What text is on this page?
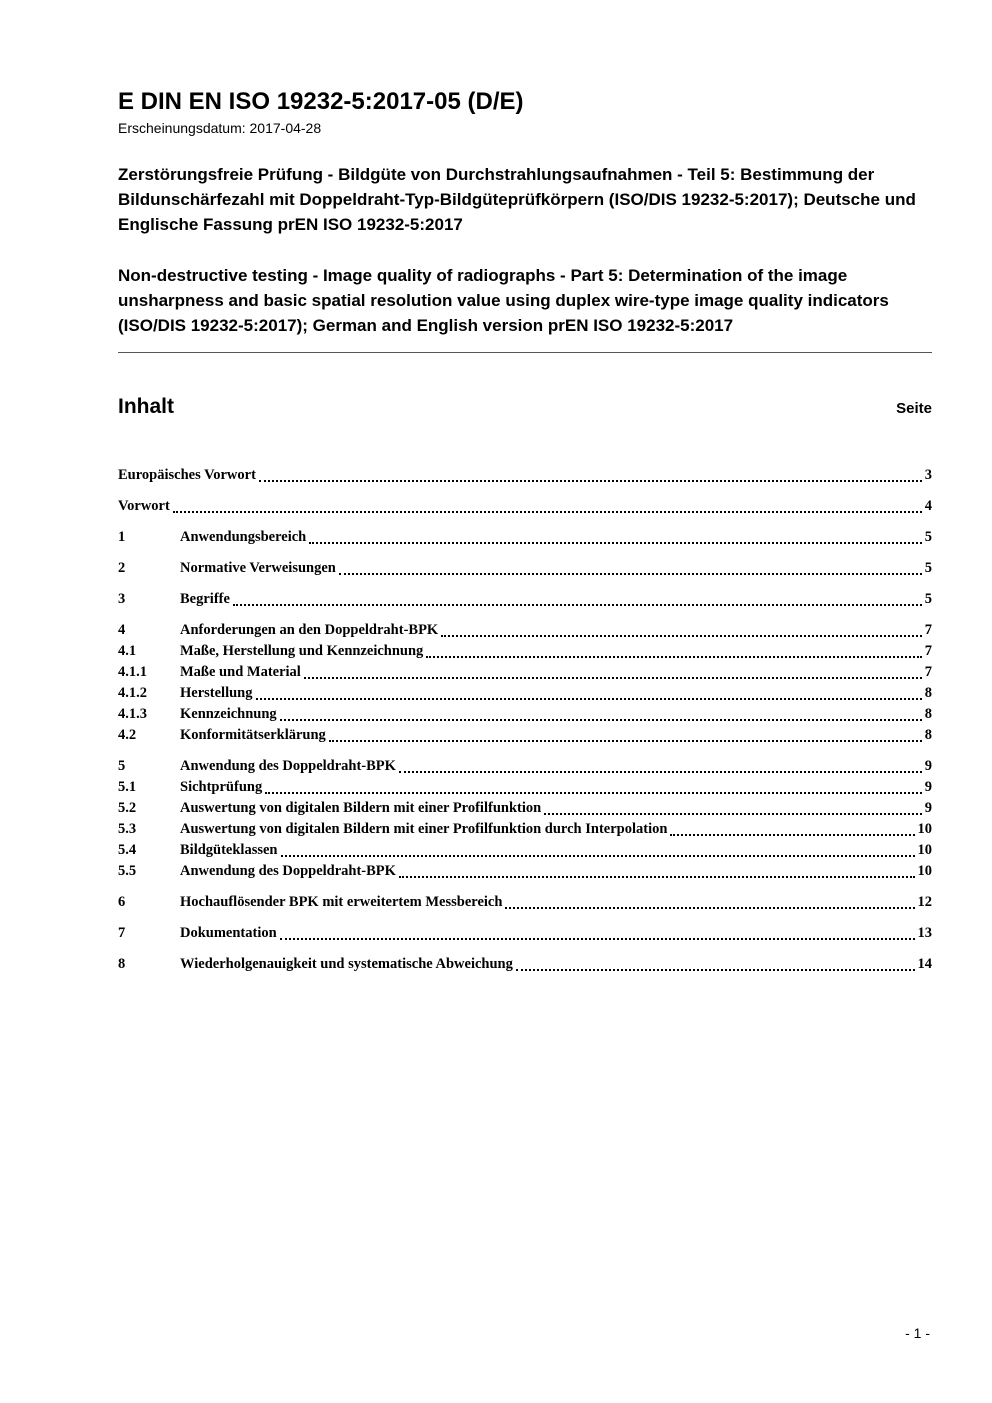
E DIN EN ISO 19232-5:2017-05 (D/E)
Erscheinungsdatum: 2017-04-28

Zerstörungsfreie Prüfung - Bildgüte von Durchstrahlungsaufnahmen - Teil 5: Bestimmung der Bildunschärfezahl mit Doppeldraht-Typ-Bildgüteprüfkörpern (ISO/DIS 19232-5:2017); Deutsche und Englische Fassung prEN ISO 19232-5:2017

Non-destructive testing - Image quality of radiographs - Part 5: Determination of the image unsharpness and basic spatial resolution value using duplex wire-type image quality indicators (ISO/DIS 19232-5:2017); German and English version prEN ISO 19232-5:2017

Inhalt	Seite
Europäisches Vorwort	3
Vorwort	4
1	Anwendungsbereich	5
2	Normative Verweisungen	5
3	Begriffe	5
4	Anforderungen an den Doppeldraht-BPK	7
4.1	Maße, Herstellung und Kennzeichnung	7
4.1.1	Maße und Material	7
4.1.2	Herstellung	8
4.1.3	Kennzeichnung	8
4.2	Konformitätserklärung	8
5	Anwendung des Doppeldraht-BPK	9
5.1	Sichtprüfung	9
5.2	Auswertung von digitalen Bildern mit einer Profilfunktion	9
5.3	Auswertung von digitalen Bildern mit einer Profilfunktion durch Interpolation	10
5.4	Bildgüteklassen	10
5.5	Anwendung des Doppeldraht-BPK	10
6	Hochauflösender BPK mit erweitertem Messbereich	12
7	Dokumentation	13
8	Wiederholgenauigkeit und systematische Abweichung	14
- 1 -
